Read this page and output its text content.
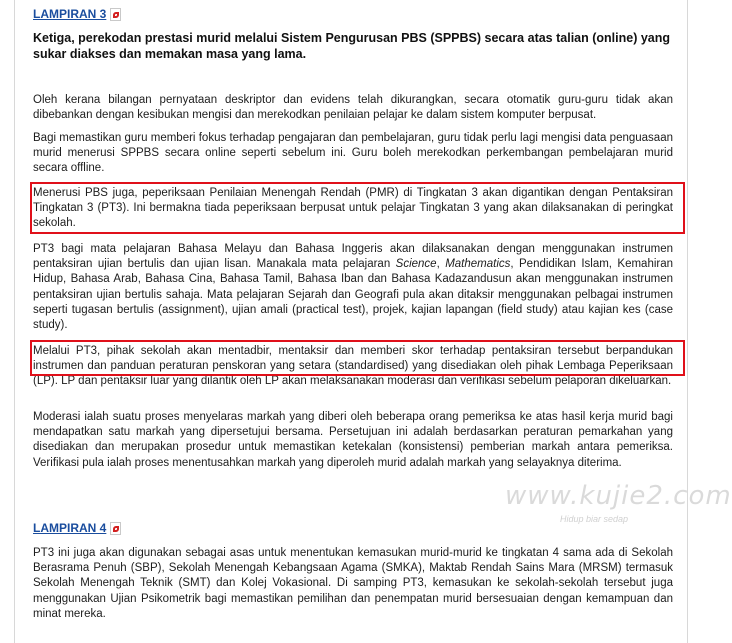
LAMPIRAN 3
Ketiga, perekodan prestasi murid melalui Sistem Pengurusan PBS (SPPBS) secara atas talian (online) yang sukar diakses dan memakan masa yang lama.

Oleh kerana bilangan pernyataan deskriptor dan evidens telah dikurangkan, secara otomatik guru-guru tidak akan dibebankan dengan kesibukan mengisi dan merekodkan penilaian pelajar ke dalam sistem komputer berpusat.

Bagi memastikan guru memberi fokus terhadap pengajaran dan pembelajaran, guru tidak perlu lagi mengisi data penguasaan murid menerusi SPPBS secara online seperti sebelum ini. Guru boleh merekodkan perkembangan pembelajaran murid secara offline.

Menerusi PBS juga, peperiksaan Penilaian Menengah Rendah (PMR) di Tingkatan 3 akan digantikan dengan Pentaksiran Tingkatan 3 (PT3). Ini bermakna tiada peperiksaan berpusat untuk pelajar Tingkatan 3 yang akan dilaksanakan di peringkat sekolah.

PT3 bagi mata pelajaran Bahasa Melayu dan Bahasa Inggeris akan dilaksanakan dengan menggunakan instrumen pentaksiran ujian bertulis dan ujian lisan. Manakala mata pelajaran Science, Mathematics, Pendidikan Islam, Kemahiran Hidup, Bahasa Arab, Bahasa Cina, Bahasa Tamil, Bahasa Iban dan Bahasa Kadazandusun akan menggunakan instrumen pentaksiran ujian bertulis sahaja. Mata pelajaran Sejarah dan Geografi pula akan ditaksir menggunakan pelbagai instrumen seperti tugasan bertulis (assignment), ujian amali (practical test), projek, kajian lapangan (field study) atau kajian kes (case study).

Melalui PT3, pihak sekolah akan mentadbir, mentaksir dan memberi skor terhadap pentaksiran tersebut berpandukan instrumen dan panduan peraturan penskoran yang setara (standardised) yang disediakan oleh pihak Lembaga Peperiksaan (LP). LP dan pentaksir luar yang dilantik oleh LP akan melaksanakan moderasi dan verifikasi sebelum pelaporan dikeluarkan.

Moderasi ialah suatu proses menyelaras markah yang diberi oleh beberapa orang pemeriksa ke atas hasil kerja murid bagi mendapatkan satu markah yang dipersetujui bersama. Persetujuan ini adalah berdasarkan peraturan pemarkahan yang disediakan dan merupakan prosedur untuk memastikan ketekalan (konsistensi) pemberian markah antara pemeriksa. Verifikasi pula ialah proses menentusahkan markah yang diperoleh murid adalah markah yang selayaknya diterima.

LAMPIRAN 4

PT3 ini juga akan digunakan sebagai asas untuk menentukan kemasukan murid-murid ke tingkatan 4 sama ada di Sekolah Berasrama Penuh (SBP), Sekolah Menengah Kebangsaan Agama (SMKA), Maktab Rendah Sains Mara (MRSM) termasuk Sekolah Menengah Teknik (SMT) dan Kolej Vokasional. Di samping PT3, kemasukan ke sekolah-sekolah tersebut juga menggunakan Ujian Psikometrik bagi memastikan pemilihan dan penempatan murid bersesuaian dengan kemampuan dan minat mereka.

www.kujie2.com
Hidup biar sedap
